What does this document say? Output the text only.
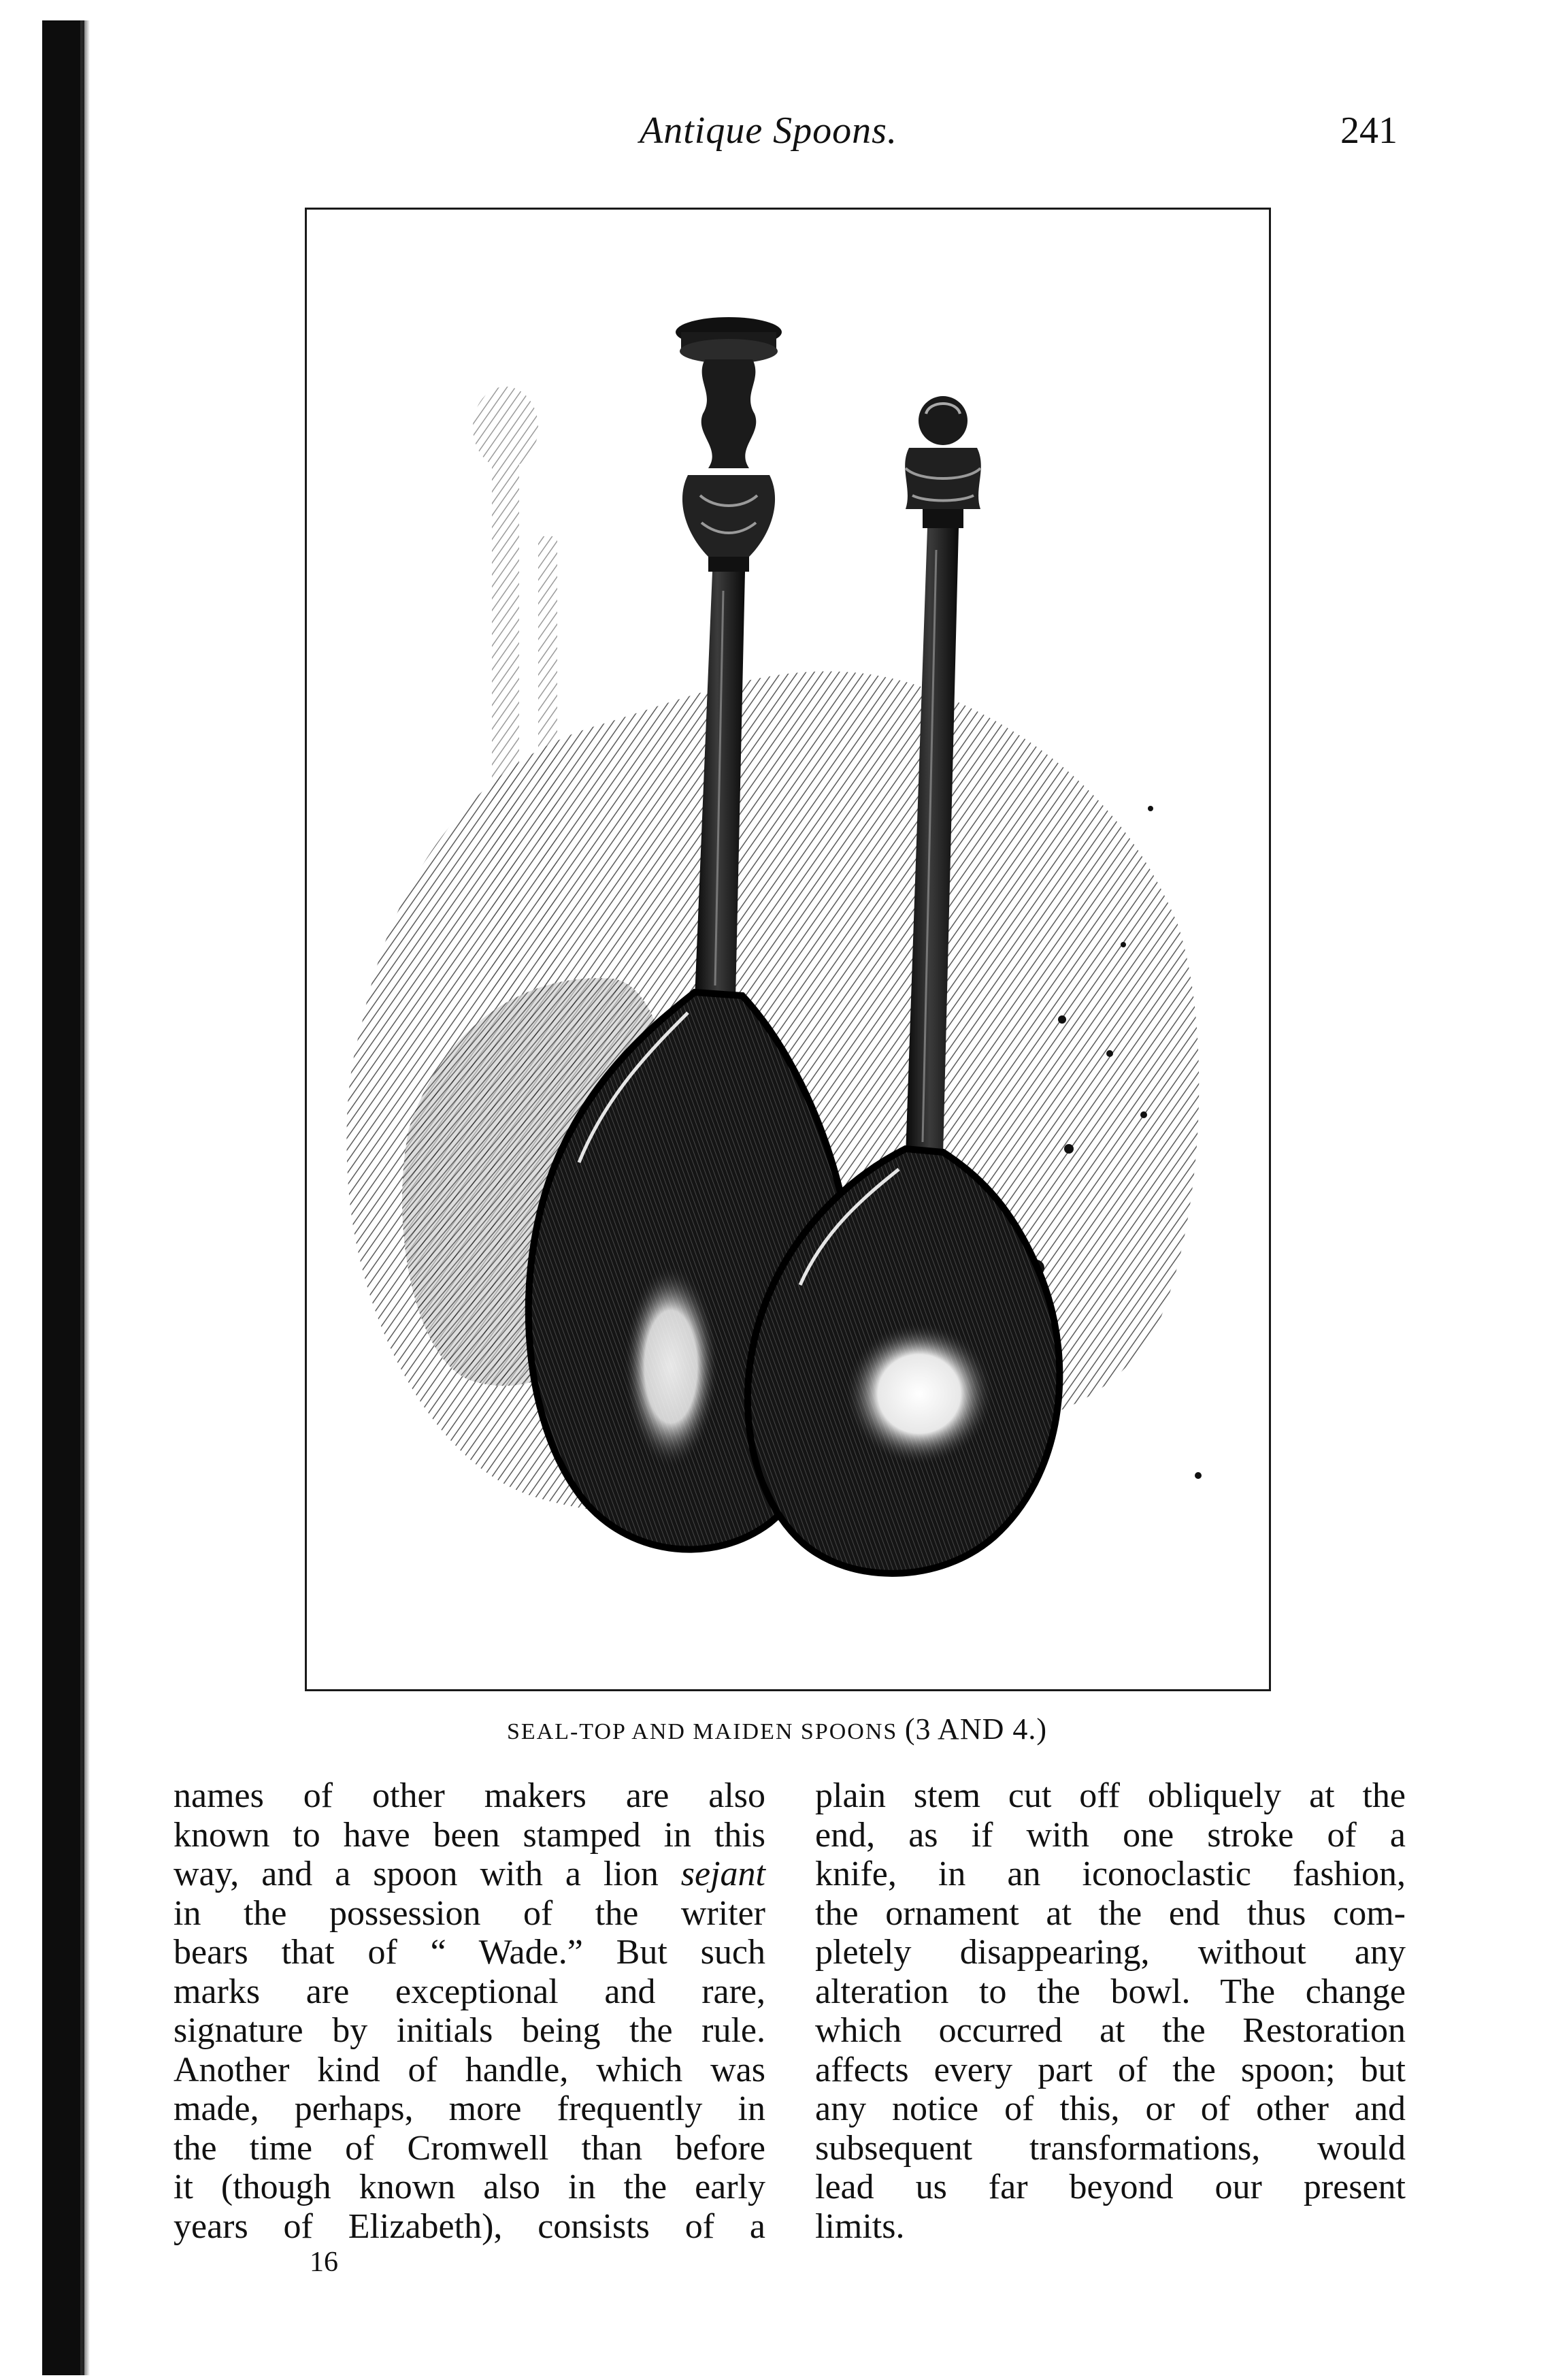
Antique Spoons.	241
SEAL-TOP AND MAIDEN SPOONS (3 AND 4.)
names of other makers are also
known to have been stamped in this
way, and a spoon with a lion sejant
in the possession of the writer
bears that of “ Wade.” But such
marks are exceptional and rare,
signature by initials being the rule.
Another kind of handle, which was
made, perhaps, more frequently in
the time of Cromwell than before
it (though known also in the early
years of Elizabeth), consists of a
plain stem cut off obliquely at the
end, as if with one stroke of a
knife, in an iconoclastic fashion,
the ornament at the end thus com-
pletely disappearing, without any
alteration to the bowl. The change
which occurred at the Restoration
affects every part of the spoon; but
any notice of this, or of other and
subsequent transformations, would
lead us far beyond our present
limits.
16
